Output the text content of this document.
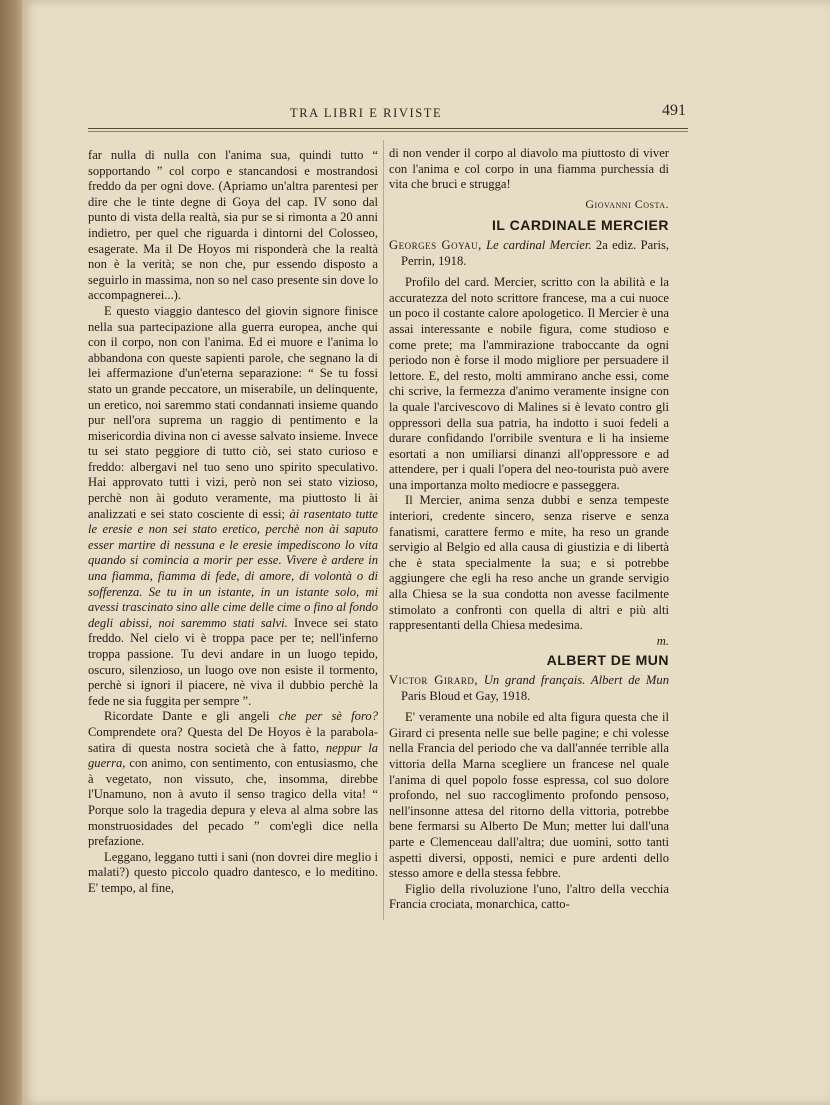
TRA LIBRI E RIVISTE	491

far nulla di nulla con l'anima sua, quindi tutto “ sopportando ” col corpo e stancandosi e mostrandosi freddo da per ogni dove. (Apriamo un'altra parentesi per dire che le tinte degne di Goya del cap. IV sono dal punto di vista della realtà, sia pur se si rimonta a 20 anni indietro, per quel che riguarda i dintorni del Colosseo, esagerate. Ma il De Hoyos mi risponderà che la realtà non è la verità; se non che, pur essendo disposto a seguirlo in massima, non so nel caso presente sin dove lo accompagnerei...).

E questo viaggio dantesco del giovin signore finisce nella sua partecipazione alla guerra europea, anche qui con il corpo, non con l'anima. Ed ei muore e l'anima lo abbandona con queste sapienti parole, che segnano la di lei affermazione d'un'eterna separazione: “ Se tu fossi stato un grande peccatore, un miserabile, un delinquente, un eretico, noi saremmo stati condannati insieme quando pur nell'ora suprema un raggio di pentimento e la misericordia divina non ci avesse salvato insieme. Invece tu sei stato peggiore di tutto ciò, sei stato curioso e freddo: albergavi nel tuo seno uno spirito speculativo. Hai approvato tutti i vizi, però non sei stato vizioso, perchè non ài goduto veramente, ma piuttosto li ài analizzati e sei stato cosciente di essi; ài rasentato tutte le eresie e non sei stato eretico, perchè non ài saputo esser martire di nessuna e le eresie impediscono lo vita quando si comincia a morir per esse. Vivere è ardere in una fiamma, fiamma di fede, di amore, di volontà o di sofferenza. Se tu in un istante, in un istante solo, mi avessi trascinato sino alle cime delle cime o fino al fondo degli abissi, noi saremmo stati salvi. Invece sei stato freddo. Nel cielo vi è troppa pace per te; nell'inferno troppa passione. Tu devi andare in un luogo tepido, oscuro, silenzioso, un luogo ove non esiste il tormento, perchè si ignori il piacere, nè viva il dubbio perchè la fede ne sia fuggita per sempre ”.

Ricordate Dante e gli angeli che per sè foro? Comprendete ora? Questa del De Hoyos è la parabola-satira di questa nostra società che à fatto, neppur la guerra, con animo, con sentimento, con entusiasmo, che à vegetato, non vissuto, che, insomma, direbbe l'Unamuno, non à avuto il senso tragico della vita! “ Porque solo la tragedia depura y eleva al alma sobre las monstruosidades del pecado ” com'egli dice nella prefazione.

Leggano, leggano tutti i sani (non dovrei dire meglio i malati?) questo piccolo quadro dantesco, e lo meditino. E' tempo, al fine,

di non vender il corpo al diavolo ma piuttosto di viver con l'anima e col corpo in una fiamma purchessia di vita che bruci e strugga!

Giovanni Costa.
IL CARDINALE MERCIER
Georges Goyau, Le cardinal Mercier. 2a ediz. Paris, Perrin, 1918.

Profilo del card. Mercier, scritto con la abilità e la accuratezza del noto scrittore francese, ma a cui nuoce un poco il costante calore apologetico. Il Mercier è una assai interessante e nobile figura, come studioso e come prete; ma l'ammirazione traboccante da ogni periodo non è forse il modo migliore per persuadere il lettore. E, del resto, molti ammirano anche essi, come chi scrive, la fermezza d'animo veramente insigne con la quale l'arcivescovo di Malines si è levato contro gli oppressori della sua patria, ha indotto i suoi fedeli a durare confidando l'orribile sventura e li ha insieme esortati a non umiliarsi dinanzi all'oppressore e ad attendere, per i quali l'opera del neo-tourista può avere una importanza molto mediocre e passeggera.

Il Mercier, anima senza dubbi e senza tempeste interiori, credente sincero, senza riserve e senza fanatismi, carattere fermo e mite, ha reso un grande servigio al Belgio ed alla causa di giustizia e di libertà che è stata specialmente la sua; e si potrebbe aggiungere che egli ha reso anche un grande servigio alla Chiesa se la sua condotta non avesse facilmente stimolato a confronti con quella di altri e più alti rappresentanti della Chiesa medesima.

m.
ALBERT DE MUN
Victor Girard, Un grand français. Albert de Mun Paris Bloud et Gay, 1918.

E' veramente una nobile ed alta figura questa che il Girard ci presenta nelle sue belle pagine; e chi volesse nella Francia del periodo che va dall'année terrible alla vittoria della Marna scegliere un francese nel quale l'anima di quel popolo fosse espressa, col suo dolore profondo, nel suo raccoglimento profondo pensoso, nell'insonne attesa del ritorno della vittoria, potrebbe bene fermarsi su Alberto De Mun; metter lui dall'una parte e Clemenceau dall'altra; due uomini, sotto tanti aspetti diversi, opposti, nemici e pure ardenti dello stesso amore e della stessa febbre.

Figlio della rivoluzione l'uno, l'altro della vecchia Francia crociata, monarchica, catto-
